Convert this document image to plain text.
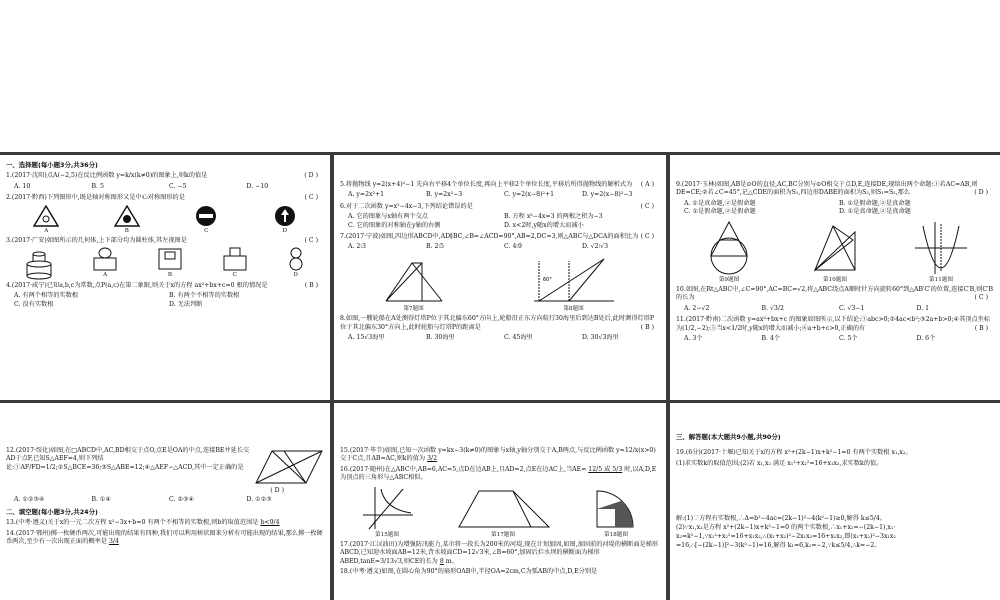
一、选择题(每小题3分,共36分)
1.(2017·沈阳)点A(−2,5)在反比例函数 y=k/x(k≠0)的图象上,则k的值是	( D )
A. 10	B. 5	C. −5	D. −10
2.(2017·黔西)下列图形中,既是轴对称图形又是中心对称图形的是	( C )
A	B	C	D
3.(2017·广安)如图所示的几何体,上下部分均为圆柱体,其左视图是	( C )
A	B	C	D
4.(2017·咸宁)已知a,b,c为常数,点P(a,c)在第二象限,则关于x的方程 ax²+bx+c=0 根的情况是	( B )
A. 有两个相等的实数根	B. 有两个不相等的实数根
C. 没有实数根	D. 无法判断
5.将抛物线 y=2(x+4)²−1 先向右平移4个单位长度,再向上平移2个单位长度,平移后所得抛物线的解析式为 ( A )
A. y=2x²+1	B. y=2x²−3	C. y=2(x−8)²+1	D. y=2(x−8)²−3
6.对于二次函数 y=x²−4x−3,下列结论错误的是	( C )
A. 它的图象与x轴有两个交点	B. 方程 x²−4x=3 的两根之积为−3
C. 它的图象的对称轴在y轴的右侧	D. x<2时,y随x的增大而减小
7.(2017·宁波)如图,四边形ABCD中,AD∥BC,∠B=∠ACD=90°,AB=2,DC=3,则△ABC与△DCA的面积比为 ( C )
A. 2∶3	B. 2∶5	C. 4∶9	D. √2∶√3
第7题图
60°
第8题图
8.如图,一艘轮船在A处测得灯塔P位于其北偏东60°方向上,轮船沿正东方向航行30海里后到达B处后,此时测得灯塔P位于其北偏东30°方向上,此时轮船与灯塔P的距离是	( B )
A. 15√3海里	B. 30海里	C. 45海里	D. 30√3海里
9.(2017·玉林)如图,AB是⊙O的直径,AC,BC分别与⊙O相交于点D,E,连接DE,现给出两个命题:①若AC=AB,则DE=CE;②若∠C=45°,记△CDE的面积为S₁,四边形DABE的面积为S₂,则S₁=S₂,那么	( D )
A. ①是真命题,②是假命题	B. ①是假命题,②是真命题
C. ①是假命题,②是假命题	D. ①是真命题,②是真命题
第9题图	第10题图	第11题图
10.如图,在Rt△ABC中,∠C=90°,AC=BC=√2,将△ABC绕点A顺时针方向旋转60°到△AB′C′的位置,连接C′B,则C′B的长为	( C )
A. 2−√2	B. √3/2	C. √3−1	D. 1
11.(2017·黔南)二次函数 y=ax²+bx+c 的图象如图所示,以下结论:①abc>0;②4ac<b²;③2a+b>0;④其顶点坐标为(1/2,−2);⑤当x<1/2时,y随x的增大而减小;⑥a+b+c>0,正确的有	( B )
A. 3个	B. 4个	C. 5个	D. 6个
12.(2017·绥化)如图,在□ABCD中,AC,BD相交于点O,点E是OA的中点,连接BE并延长交AD于点F,已知S△AEF=4,则下列结论:①AF/FD=1/2;②S△BCE=36;③S△ABE=12;④△AEF∽△ACD,其中一定正确的是
( D )
A. ①②③④	B. ①④	C. ②③④	D. ①②③
二、填空题(每小题3分,共24分)
13.(中考·遵义)关于x的一元二次方程 x²−3x+b=0 有两个不相等的实数根,则b的取值范围是 b<9/4
14.(2017·鄂州)掷一枚硬币两次,可能出现的结果有四种,我们可以利用树状图来分析有可能出现的结果,那么掷一枚硬币两次,至少有一次出现正面的概率是 3/4
15.(2017·毕节)如图,已知一次函数 y=kx−3(k≠0)的图象与x轴,y轴分别交于A,B两点,与反比例函数 y=12/x(x>0)交于C点,且AB=AC,则k的值为 3/2
16.(2017·随州)在△ABC中,AB=6,AC=5,点D在边AB上,且AD=2,点E在边AC上,当AE= 12/5 或 5/3 时,以A,D,E为顶点的三角形与△ABC相似。
第15题图	第17题图	第18题图
17.(2017·江汉油田)为增强防汛能力,某市将一段长为200米的河堤,现在计划加固,如图,加固前的河堤的横断面是梯形ABCD,已知迎水坡面AB=12米,背水坡面CD=12√3米,∠B=60°,加固后拦水坝的横断面为梯形ABED,tanE=3/13√3,则CE的长为 8 m。
18.(中考·遵义)如图,在圆心角为90°的扇形OAB中,半径OA=2cm,C为弧AB的中点,D,E分别是
三、解答题(本大题共9小题,共90分)
19.(6分)(2017·十堰)已知关于x的方程 x²+(2k−1)x+k²−1=0 有两个实数根 x₁,x₂。
(1)求实数k的取值范围;(2)若 x₁,x₂ 满足 x₁²+x₂²=16+x₁x₂,求实数k的值。
解:(1)∵方程有实数根,∴Δ=b²−4ac=(2k−1)²−4(k²−1)≥0,解得 k≤5/4。
(2)∵x₁,x₂是方程 x²+(2k−1)x+k²−1=0 的两个实数根,∴x₁+x₂=−(2k−1),x₁·
x₂=k²−1,∵x₁²+x₂²=16+x₁x₂,∴(x₁+x₂)²−2x₁x₂=16+x₁x₂,即(x₁+x₂)²−3x₁x₂
=16,∴[−(2k−1)]²−3(k²−1)=16,解得 k₁=6,k₂=−2,∵k≤5/4,∴k=−2。
